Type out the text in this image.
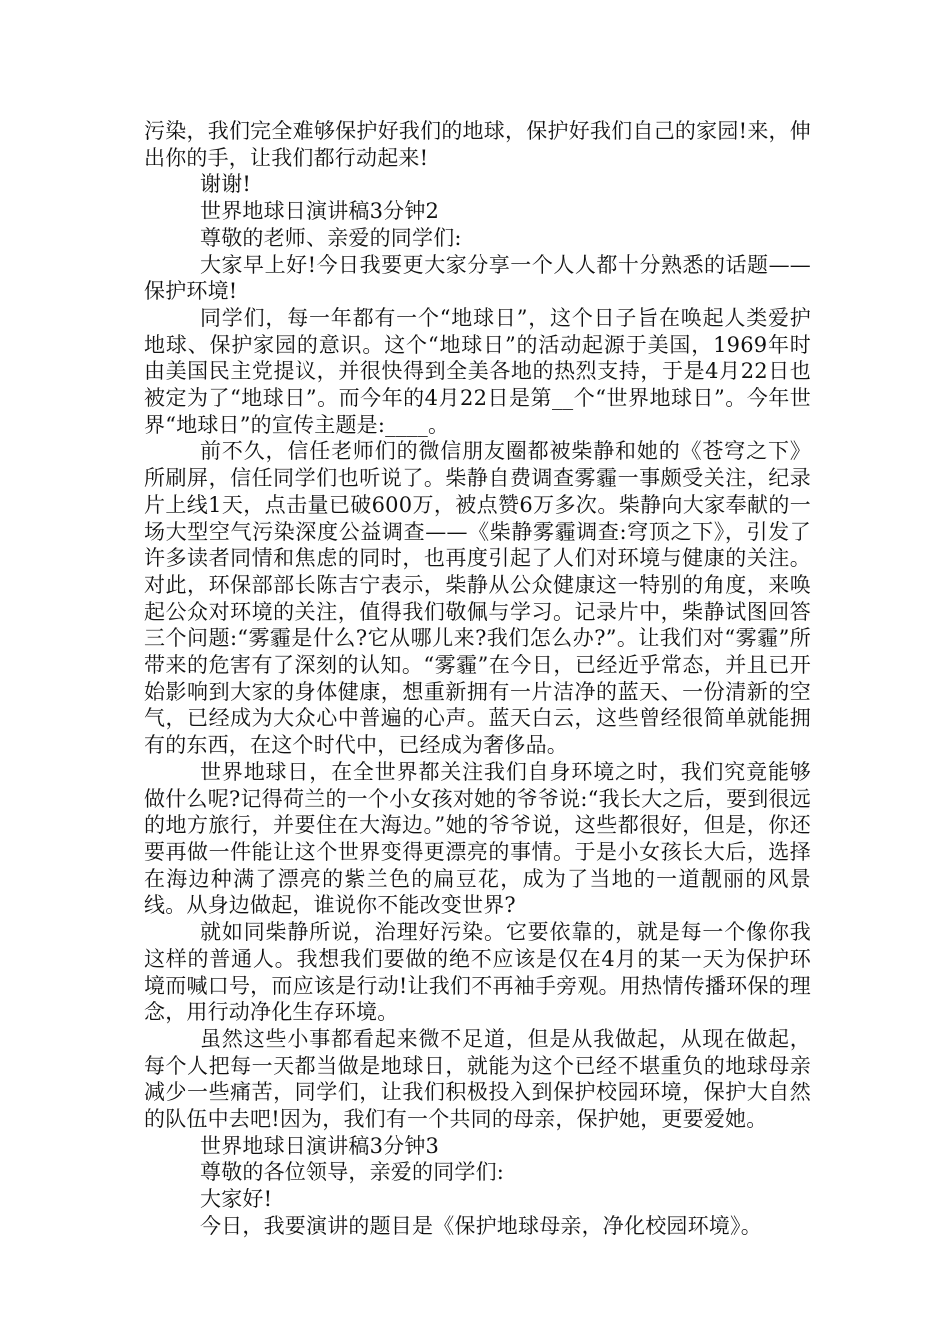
污染，我们完全难够保护好我们的地球，保护好我们自己的家园!来，伸出你的手，让我们都行动起来!

谢谢!

世界地球日演讲稿3分钟2

尊敬的老师、亲爱的同学们:

大家早上好!今日我要更大家分享一个人人都十分熟悉的话题——保护环境!

同学们，每一年都有一个“地球日”，这个日子旨在唤起人类爱护地球、保护家园的意识。这个“地球日”的活动起源于美国，1969年时由美国民主党提议，并很快得到全美各地的热烈支持，于是4月22日也被定为了“地球日”。而今年的4月22日是第__个“世界地球日”。今年世界“地球日”的宣传主题是:____。

前不久，信任老师们的微信朋友圈都被柴静和她的《苍穹之下》所刷屏，信任同学们也听说了。柴静自费调查雾霾一事颇受关注，纪录片上线1天，点击量已破600万，被点赞6万多次。柴静向大家奉献的一场大型空气污染深度公益调查——《柴静雾霾调查:穹顶之下》，引发了许多读者同情和焦虑的同时，也再度引起了人们对环境与健康的关注。对此，环保部部长陈吉宁表示，柴静从公众健康这一特别的角度，来唤起公众对环境的关注，值得我们敬佩与学习。记录片中，柴静试图回答三个问题:“雾霾是什么?它从哪儿来?我们怎么办?”。让我们对“雾霾”所带来的危害有了深刻的认知。“雾霾”在今日，已经近乎常态，并且已开始影响到大家的身体健康，想重新拥有一片洁净的蓝天、一份清新的空气，已经成为大众心中普遍的心声。蓝天白云，这些曾经很简单就能拥有的东西，在这个时代中，已经成为奢侈品。

世界地球日，在全世界都关注我们自身环境之时，我们究竟能够做什么呢?记得荷兰的一个小女孩对她的爷爷说:“我长大之后，要到很远的地方旅行，并要住在大海边。”她的爷爷说，这些都很好，但是，你还要再做一件能让这个世界变得更漂亮的事情。于是小女孩长大后，选择在海边种满了漂亮的紫兰色的扁豆花，成为了当地的一道靓丽的风景线。从身边做起，谁说你不能改变世界?

就如同柴静所说，治理好污染。它要依靠的，就是每一个像你我这样的普通人。我想我们要做的绝不应该是仅在4月的某一天为保护环境而喊口号，而应该是行动!让我们不再袖手旁观。用热情传播环保的理念，用行动净化生存环境。

虽然这些小事都看起来微不足道，但是从我做起，从现在做起，每个人把每一天都当做是地球日，就能为这个已经不堪重负的地球母亲减少一些痛苦，同学们，让我们积极投入到保护校园环境，保护大自然的队伍中去吧!因为，我们有一个共同的母亲，保护她，更要爱她。

世界地球日演讲稿3分钟3

尊敬的各位领导，亲爱的同学们:

大家好!

今日，我要演讲的题目是《保护地球母亲，净化校园环境》。
